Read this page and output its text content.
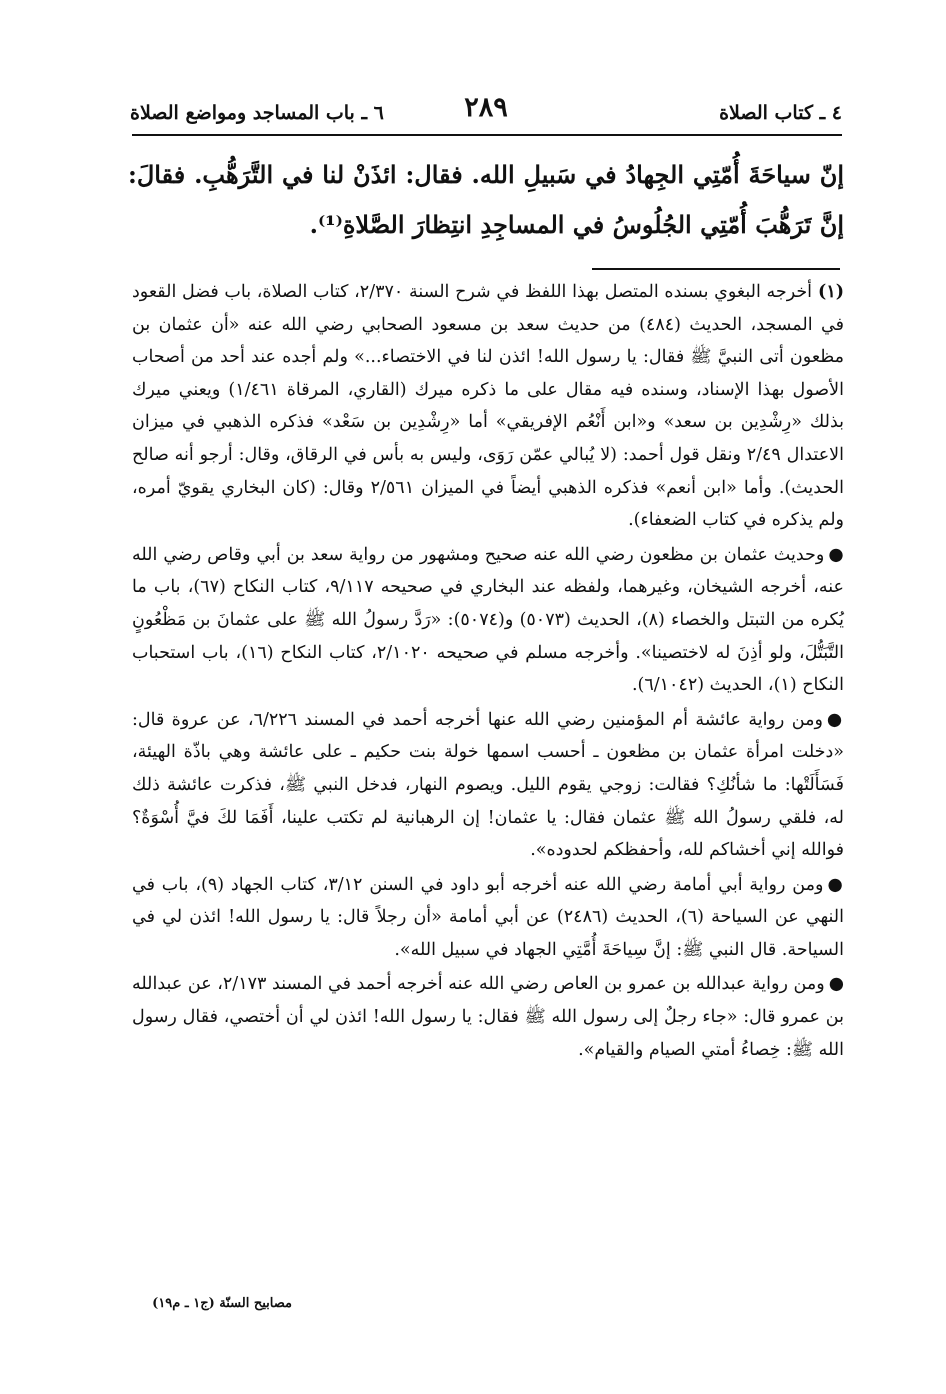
٤ ـ كتاب الصلاة
٢٨٩
٦ ـ باب المساجد ومواضع الصلاة

إنّ سياحَةَ أُمّتِي الجِهادُ في سَبيلِ الله. فقال: ائذَنْ لنا في التَّرَهُّبِ. فقالَ: إنَّ تَرَهُّبَ أُمّتِي الجُلُوسُ في المساجِدِ انتِظارَ الصَّلاةِ⁽¹⁾.

(١)أخرجه البغوي بسنده المتصل بهذا اللفظ في شرح السنة ٢/٣٧٠، كتاب الصلاة، باب فضل القعود في المسجد، الحديث (٤٨٤) من حديث سعد بن مسعود الصحابي رضي الله عنه «أن عثمان بن مظعون أتى النبيَّ ﷺ فقال: يا رسول الله! ائذن لنا في الاختصاء...» ولم أجده عند أحد من أصحاب الأصول بهذا الإسناد، وسنده فيه مقال على ما ذكره ميرك (القاري، المرقاة ١/٤٦١) ويعني ميرك بذلك «رِشْدِين بن سعد» و«ابن أَنْعُم الإفريقي» أما «رِشْدِين بن سَعْد» فذكره الذهبي في ميزان الاعتدال ٢/٤٩ ونقل قول أحمد: (لا يُبالي عمّن رَوَى، وليس به بأس في الرقاق، وقال: أرجو أنه صالح الحديث). وأما «ابن أنعم» فذكره الذهبي أيضاً في الميزان ٢/٥٦١ وقال: (كان البخاري يقويّ أمره، ولم يذكره في كتاب الضعفاء).

●وحديث عثمان بن مظعون رضي الله عنه صحيح ومشهور من رواية سعد بن أبي وقاص رضي الله عنه، أخرجه الشيخان، وغيرهما، ولفظه عند البخاري في صحيحه ٩/١١٧، كتاب النكاح (٦٧)، باب ما يُكره من التبتل والخصاء (٨)، الحديث (٥٠٧٣) و(٥٠٧٤): «رَدَّ رسولُ الله ﷺ على عثمانَ بن مَظْعُونٍ التَّبَتُّلَ، ولو أذِنَ له لاختصينا». وأخرجه مسلم في صحيحه ٢/١٠٢٠، كتاب النكاح (١٦)، باب استحباب النكاح (١)، الحديث (٦/١٠٤٢).

●ومن رواية عائشة أم المؤمنين رضي الله عنها أخرجه أحمد في المسند ٦/٢٢٦، عن عروة قال: «دخلت امرأة عثمان بن مظعون ـ أحسب اسمها خولة بنت حكيم ـ على عائشة وهي باذّة الهيئة، فَسَأَلَتْها: ما شأنُكِ؟ فقالت: زوجي يقوم الليل. ويصوم النهار، فدخل النبي ﷺ، فذكرت عائشة ذلك له، فلقي رسولُ الله ﷺ عثمان فقال: يا عثمان! إن الرهبانية لم تكتب علينا، أَفَمَا لكَ فيَّ أُسْوَةٌ؟ فوالله إني أخشاكم لله، وأحفظكم لحدوده».

●ومن رواية أبي أمامة رضي الله عنه أخرجه أبو داود في السنن ٣/١٢، كتاب الجهاد (٩)، باب في النهي عن السياحة (٦)، الحديث (٢٤٨٦) عن أبي أمامة «أن رجلاً قال: يا رسول الله! ائذن لي في السياحة. قال النبي ﷺ: إنَّ سِياحَةَ أُمَّتِي الجهاد في سبيل الله».

●ومن رواية عبدالله بن عمرو بن العاص رضي الله عنه أخرجه أحمد في المسند ٢/١٧٣، عن عبدالله بن عمرو قال: «جاء رجلٌ إلى رسول الله ﷺ فقال: يا رسول الله! ائذن لي أن أختصي، فقال رسول الله ﷺ: خِصاءُ أمتي الصيام والقيام».

مصابيح السنّة (ج١ ـ م١٩)
